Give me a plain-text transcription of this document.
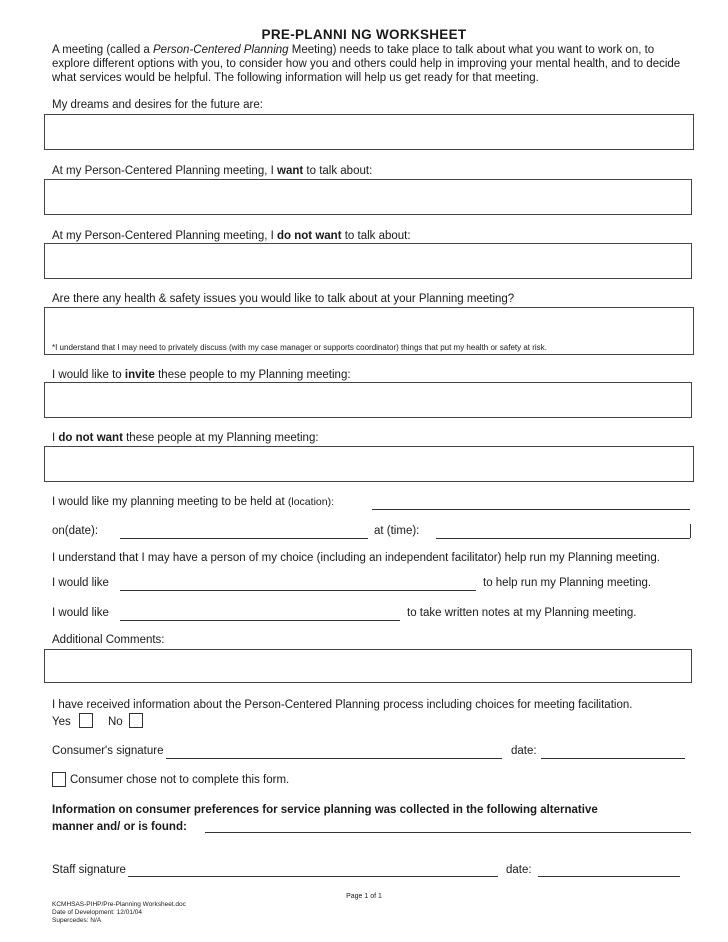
PRE-PLANNI NG WORKSHEET
A meeting (called a Person-Centered Planning Meeting) needs to take place to talk about what you want to work on, to explore different options with you, to consider how you and others could help in improving your mental health, and to decide what services would be helpful. The following information will help us get ready for that meeting.
My dreams and desires for the future are:
At my Person-Centered Planning meeting, I want to talk about:
At my Person-Centered Planning meeting, I do not want to talk about:
Are there any health & safety issues you would like to talk about at your Planning meeting?
*I understand that I may need to privately discuss (with my case manager or supports coordinator) things that put my health or safety at risk.
I would like to invite these people to my Planning meeting:
I do not want these people at my Planning meeting:
I would like my planning meeting to be held at (location):
on(date):	at (time):
I understand that I may have a person of my choice (including an independent facilitator) help run my Planning meeting.
I would like	to help run my Planning meeting.
I would like	to take written notes at my Planning meeting.
Additional Comments:
I have received information about the Person-Centered Planning process including choices for meeting facilitation.
Yes	No
Consumer's signature	date:
Consumer chose not to complete this form.
Information on consumer preferences for service planning was collected in the following alternative
manner and/ or is found:
Staff signature	date:
Page 1 of 1
KCMHSAS-PIHP/Pre-Planning Worksheet.doc
Date of Development: 12/01/04
Supercedes: N/A
